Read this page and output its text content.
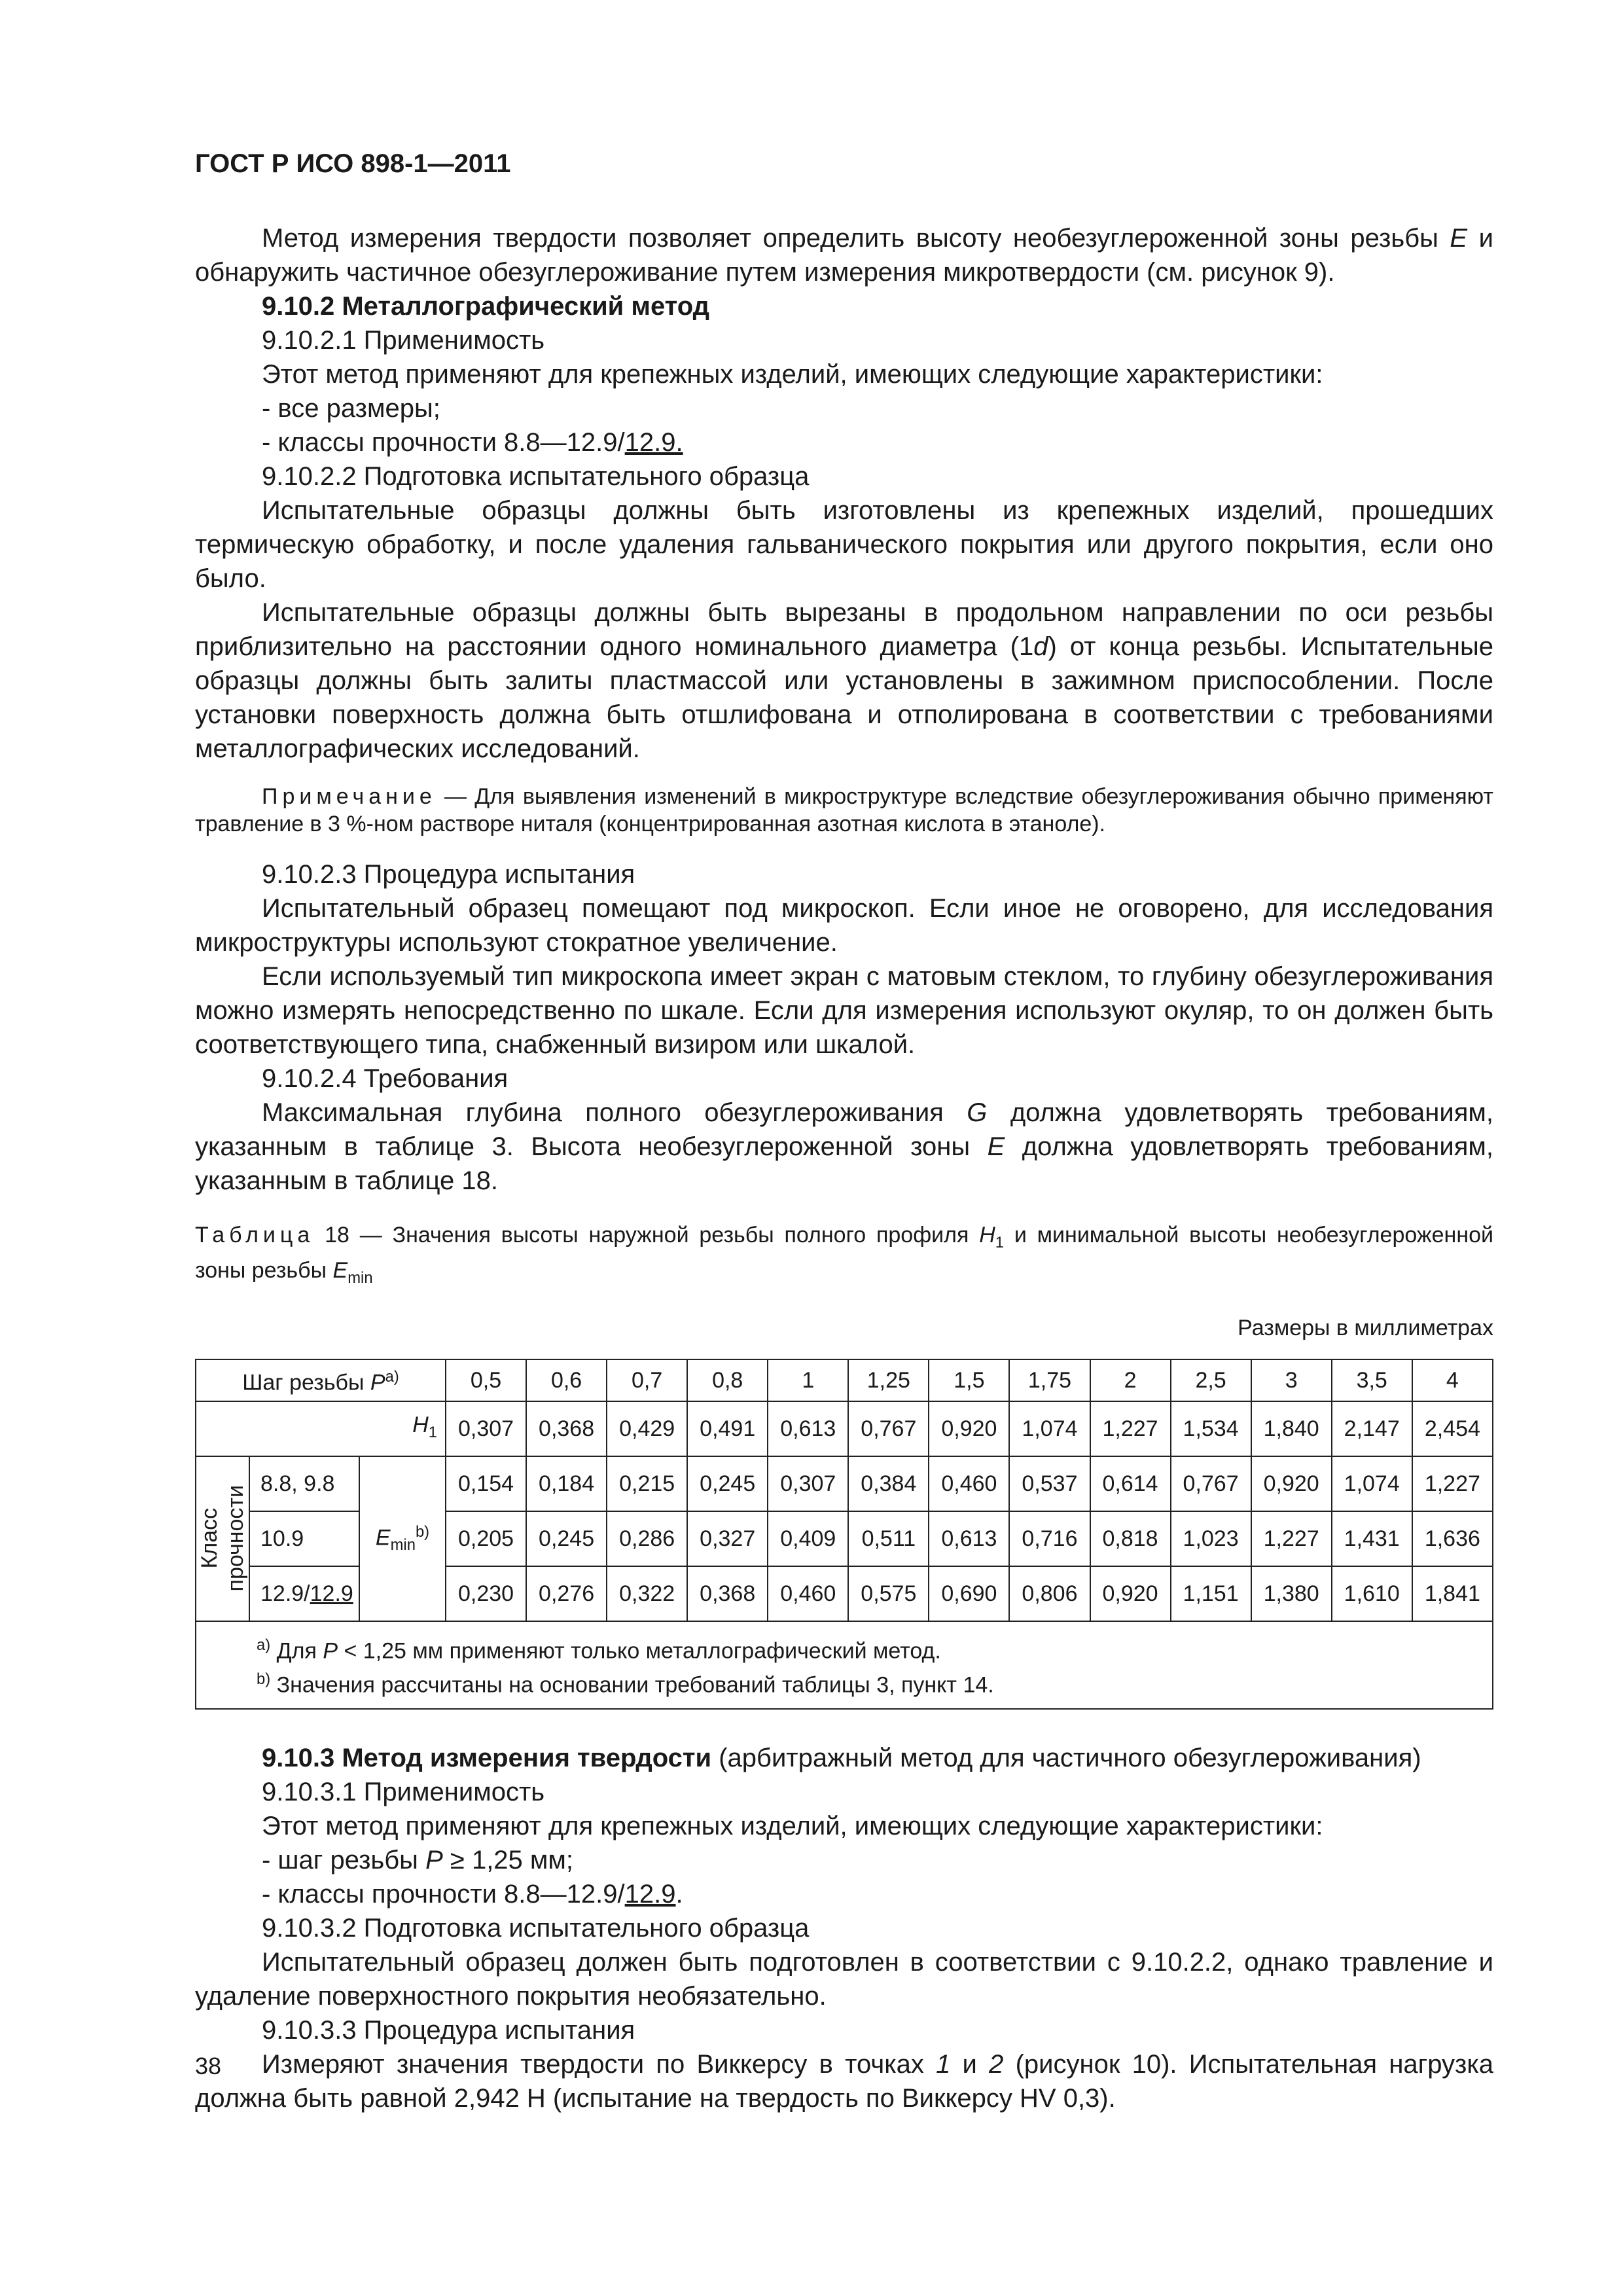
ГОСТ Р ИСО 898-1—2011

Метод измерения твердости позволяет определить высоту необезуглероженной зоны резьбы E и обнаружить частичное обезуглероживание путем измерения микротвердости (см. рисунок 9).

9.10.2 Металлографический метод

9.10.2.1 Применимость

Этот метод применяют для крепежных изделий, имеющих следующие характеристики:

- все размеры;

- классы прочности 8.8—12.9/12.9.

9.10.2.2 Подготовка испытательного образца

Испытательные образцы должны быть изготовлены из крепежных изделий, прошедших термическую обработку, и после удаления гальванического покрытия или другого покрытия, если оно было.

Испытательные образцы должны быть вырезаны в продольном направлении по оси резьбы приблизительно на расстоянии одного номинального диаметра (1d) от конца резьбы. Испытательные образцы должны быть залиты пластмассой или установлены в зажимном приспособлении. После установки поверхность должна быть отшлифована и отполирована в соответствии с требованиями металлографических исследований.

Примечание — Для выявления изменений в микроструктуре вследствие обезуглероживания обычно применяют травление в 3 %-ном растворе ниталя (концентрированная азотная кислота в этаноле).

9.10.2.3 Процедура испытания

Испытательный образец помещают под микроскоп. Если иное не оговорено, для исследования микроструктуры используют стократное увеличение.

Если используемый тип микроскопа имеет экран с матовым стеклом, то глубину обезуглероживания можно измерять непосредственно по шкале. Если для измерения используют окуляр, то он должен быть соответствующего типа, снабженный визиром или шкалой.

9.10.2.4 Требования

Максимальная глубина полного обезуглероживания G должна удовлетворять требованиям, указанным в таблице 3. Высота необезуглероженной зоны E должна удовлетворять требованиям, указанным в таблице 18.

Таблица 18 — Значения высоты наружной резьбы полного профиля $H_1$ и минимальной высоты необезуглероженной зоны резьбы $E_{min}$

Размеры в миллиметрах
Шаг резьбы $P^{a)}$			0,5	0,6	0,7	0,8	1	1,25	1,5	1,75	2	2,5	3	3,5	4
$H_1$			0,307	0,368	0,429	0,491	0,613	0,767	0,920	1,074	1,227	1,534	1,840	2,147	2,454

Класс
прочности	8.8, 9.8	$E_{min}^{b)}$	0,154	0,184	0,215	0,245	0,307	0,384	0,460	0,537	0,614	0,767	0,920	1,074	1,227
	10.9		0,205	0,245	0,286	0,327	0,409	0,511	0,613	0,716	0,818	1,023	1,227	1,431	1,636
	12.9/12.9		0,230	0,276	0,322	0,368	0,460	0,575	0,690	0,806	0,920	1,151	1,380	1,610	1,841

$^{a)}$ Для P < 1,25 мм применяют только металлографический метод.
$^{b)}$ Значения рассчитаны на основании требований таблицы 3, пункт 14.															

9.10.3 Метод измерения твердости (арбитражный метод для частичного обезуглероживания)

9.10.3.1 Применимость

Этот метод применяют для крепежных изделий, имеющих следующие характеристики:

- шаг резьбы P ≥ 1,25 мм;

- классы прочности 8.8—12.9/12.9.

9.10.3.2 Подготовка испытательного образца

Испытательный образец должен быть подготовлен в соответствии с 9.10.2.2, однако травление и удаление поверхностного покрытия необязательно.

9.10.3.3 Процедура испытания

Измеряют значения твердости по Виккерсу в точках 1 и 2 (рисунок 10). Испытательная нагрузка должна быть равной 2,942 Н (испытание на твердость по Виккерсу HV 0,3).

38
